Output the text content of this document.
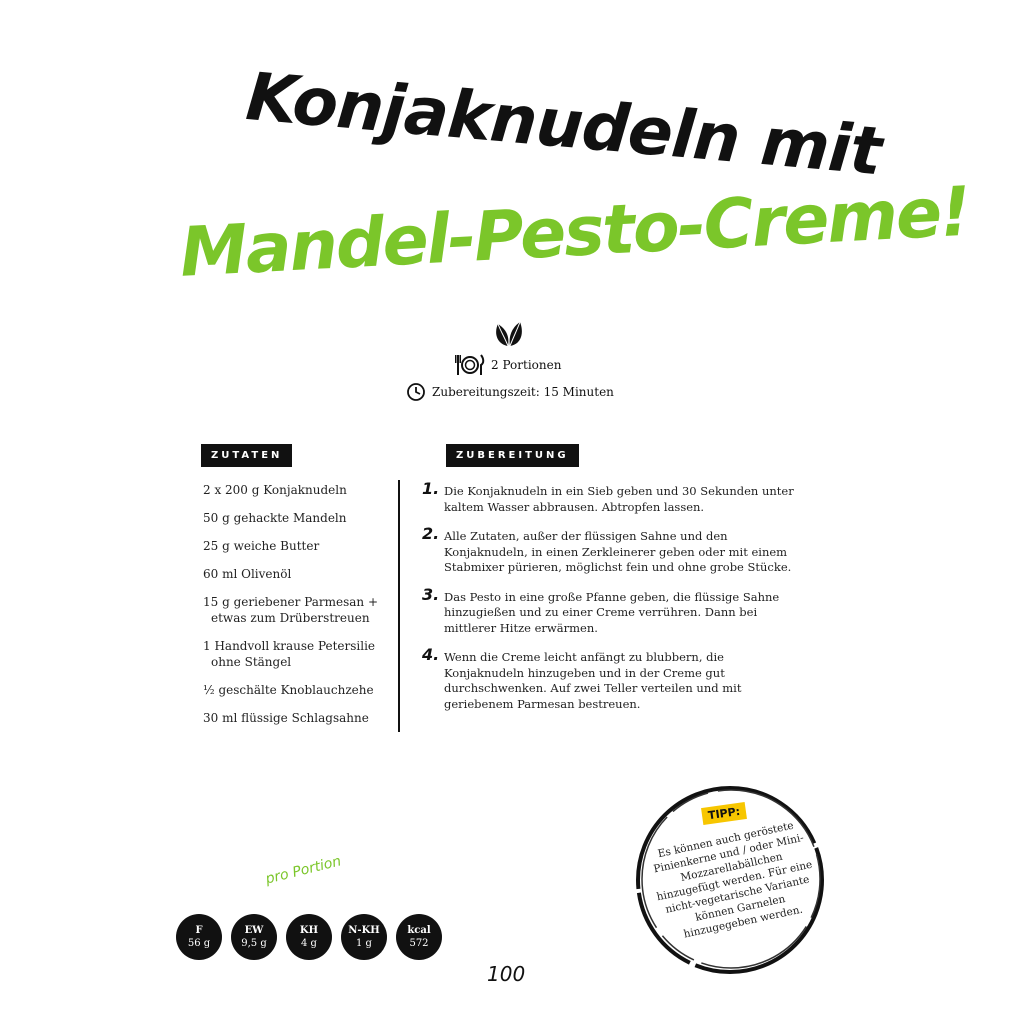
Konjaknudeln mit
Mandel-Pesto-Creme!
2 Portionen
Zubereitungszeit: 15 Minuten
ZUTATEN	ZUBEREITUNG
2 x 200 g Konjaknudeln
50 g gehackte Mandeln
25 g weiche Butter
60 ml Olivenöl
15 g geriebener Parmesan +
etwas zum Drüberstreuen
1 Handvoll krause Petersilie
ohne Stängel
½ geschälte Knoblauchzehe
30 ml flüssige Schlagsahne
1. Die Konjaknudeln in ein Sieb geben und 30 Sekunden unter kaltem Wasser abbrausen. Abtropfen lassen.
2. Alle Zutaten, außer der flüssigen Sahne und den Konjaknudeln, in einen Zerkleinerer geben oder mit einem Stabmixer pürieren, möglichst fein und ohne grobe Stücke.
3. Das Pesto in eine große Pfanne geben, die flüssige Sahne hinzugießen und zu einer Creme verrühren. Dann bei mittlerer Hitze erwärmen.
4. Wenn die Creme leicht anfängt zu blubbern, die Konjaknudeln hinzugeben und in der Creme gut durchschwenken. Auf zwei Teller verteilen und mit geriebenem Parmesan bestreuen.
pro Portion
F
56 g
EW
9,5 g
KH
4 g
N-KH
1 g
kcal
572
TIPP:
Es können auch geröstete Pinienkerne und / oder Mini-Mozzarellabällchen hinzugefügt werden. Für eine nicht-vegetarische Variante können Garnelen hinzugegeben werden.
100
